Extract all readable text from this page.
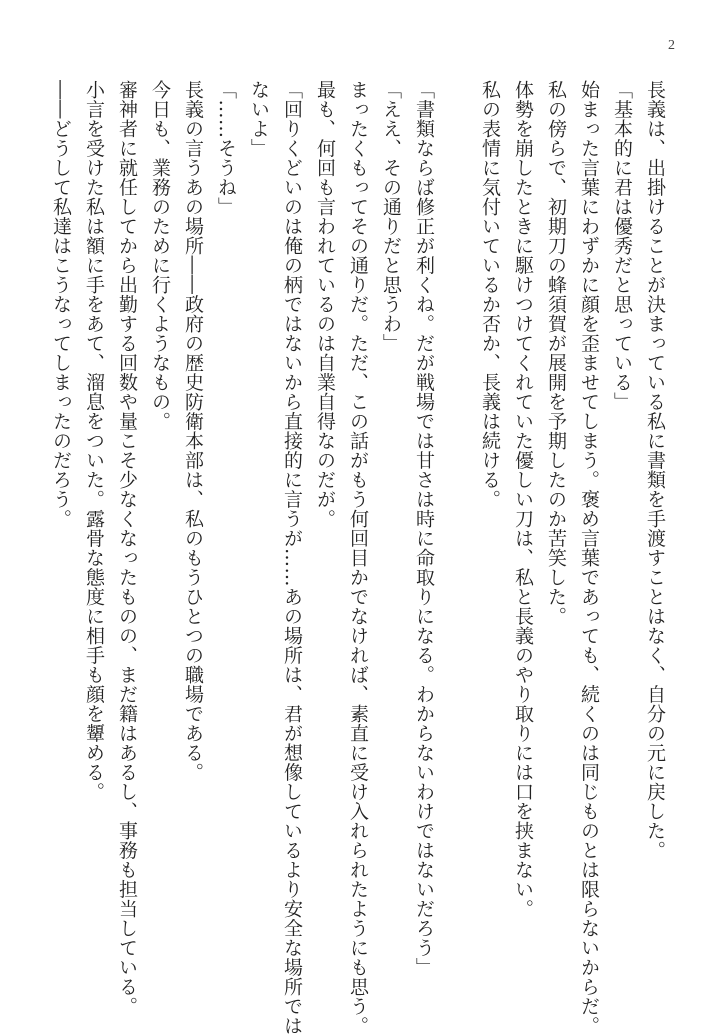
2
長義は、出掛けることが決まっている私に書類を手渡すことはなく、自分の元に戻した。
「基本的に君は優秀だと思っている」
始まった言葉にわずかに顔を歪ませてしまう。褒め言葉であっても、続くのは同じものとは限らないからだ。
私の傍らで、初期刀の蜂須賀が展開を予期したのか苦笑した。
体勢を崩したときに駆けつけてくれていた優しい刀は、私と長義のやり取りには口を挟まない。
私の表情に気付いているか否か、長義は続ける。
「書類ならば修正が利くね。だが戦場では甘さは時に命取りになる。わからないわけではないだろう」
「ええ、その通りだと思うわ」
まったくもってその通りだ。ただ、この話がもう何回目かでなければ、素直に受け入れられたようにも思う。
最も、何回も言われているのは自業自得なのだが。
「回りくどいのは俺の柄ではないから直接的に言うが……あの場所は、君が想像しているより安全な場所では
ないよ」
「……そうね」
長義の言うあの場所――政府の歴史防衛本部は、私のもうひとつの職場である。
今日も、業務のために行くようなもの。
審神者に就任してから出勤する回数や量こそ少なくなったものの、まだ籍はあるし、事務も担当している。
小言を受けた私は額に手をあて、溜息をついた。露骨な態度に相手も顔を顰める。
――どうして私達はこうなってしまったのだろう。
